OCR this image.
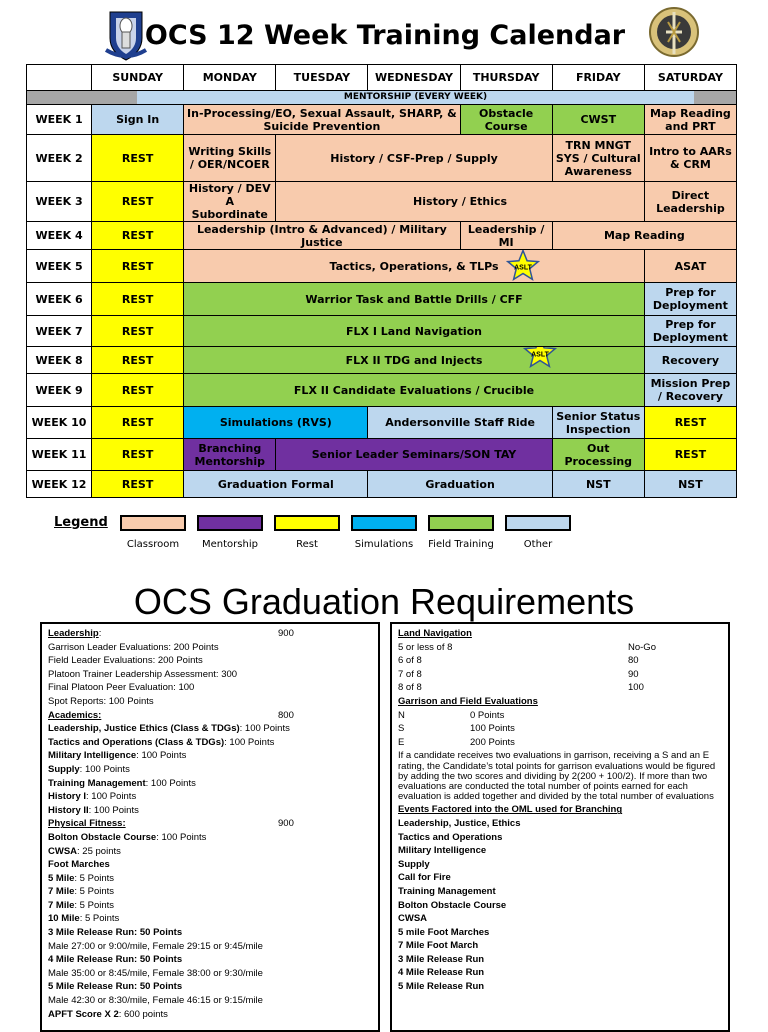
OCS 12 Week Training Calendar
	SUNDAY	MONDAY	TUESDAY	WEDNESDAY	THURSDAY	FRIDAY	SATURDAY

MENTORSHIP (EVERY WEEK)							

WEEK 1	Sign In	In-Processing/EO, Sexual Assault, SHARP, & Suicide Prevention			Obstacle Course	CWST	Map Reading and PRT
WEEK 2	REST	Writing Skills / OER/NCOER	History / CSF-Prep / Supply			TRN MNGT SYS / Cultural Awareness	Intro to AARs & CRM
WEEK 3	REST	History / DEV A Subordinate	History / Ethics				Direct Leadership
WEEK 4	REST	Leadership (Intro & Advanced) / Military Justice			Leadership / MI	Map Reading	
WEEK 5	REST	Tactics, Operations, & TLPs ASLT					ASAT
WEEK 6	REST	Warrior Task and Battle Drills / CFF					Prep for Deployment
WEEK 7	REST	FLX I Land Navigation					Prep for Deployment
WEEK 8	REST	FLX II TDG and Injects ASLT					Recovery
WEEK 9	REST	FLX II Candidate Evaluations / Crucible					Mission Prep / Recovery
WEEK 10	REST	Simulations (RVS)		Andersonville Staff Ride		Senior Status Inspection	REST
WEEK 11	REST	Branching Mentorship	Senior Leader Seminars/SON TAY			Out Processing	REST
WEEK 12	REST	Graduation Formal		Graduation		NST	NST
Legend
Classroom	Mentorship	Rest	Simulations	Field Training	Other
OCS Graduation Requirements
Leadership:	900
Garrison Leader Evaluations: 200 Points
Field Leader Evaluations: 200 Points
Platoon Trainer Leadership Assessment: 300
Final Platoon Peer Evaluation: 100
Spot Reports: 100 Points
Academics:	800
Leadership, Justice Ethics (Class & TDGs): 100 Points
Tactics and Operations (Class & TDGs): 100 Points
Military Intelligence: 100 Points
Supply: 100 Points
Training Management: 100 Points
History I: 100 Points
History II: 100 Points
Physical Fitness:	900
Bolton Obstacle Course: 100 Points
CWSA: 25 points
Foot Marches
5 Mile: 5 Points
7 Mile: 5 Points
7 Mile: 5 Points
10 Mile: 5 Points
3 Mile Release Run: 50 Points
Male 27:00 or 9:00/mile, Female 29:15 or 9:45/mile
4 Mile Release Run: 50 Points
Male 35:00 or 8:45/mile, Female 38:00 or 9:30/mile
5 Mile Release Run: 50 Points
Male 42:30 or 8:30/mile, Female 46:15 or 9:15/mile
APFT Score X 2: 600 points
Land Navigation
5 or less of 8	No-Go
6 of 8	80
7 of 8	90
8 of 8	100
Garrison and Field Evaluations
N	0 Points
S	100 Points
E	200 Points
If a candidate receives two evaluations in garrison, receiving a S and an E rating, the Candidate’s total points for garrison evaluations would be figured by adding the two scores and dividing by 2(200 + 100/2). If more than two evaluations are conducted the total number of points earned for each evaluation is added together and divided by the total number of evaluations
Events Factored into the OML used for Branching
Leadership, Justice, Ethics
Tactics and Operations
Military Intelligence
Supply
Call for Fire
Training Management
Bolton Obstacle Course
CWSA
5 mile Foot Marches
7 Mile Foot March
3 Mile Release Run
4 Mile Release Run
5 Mile Release Run
